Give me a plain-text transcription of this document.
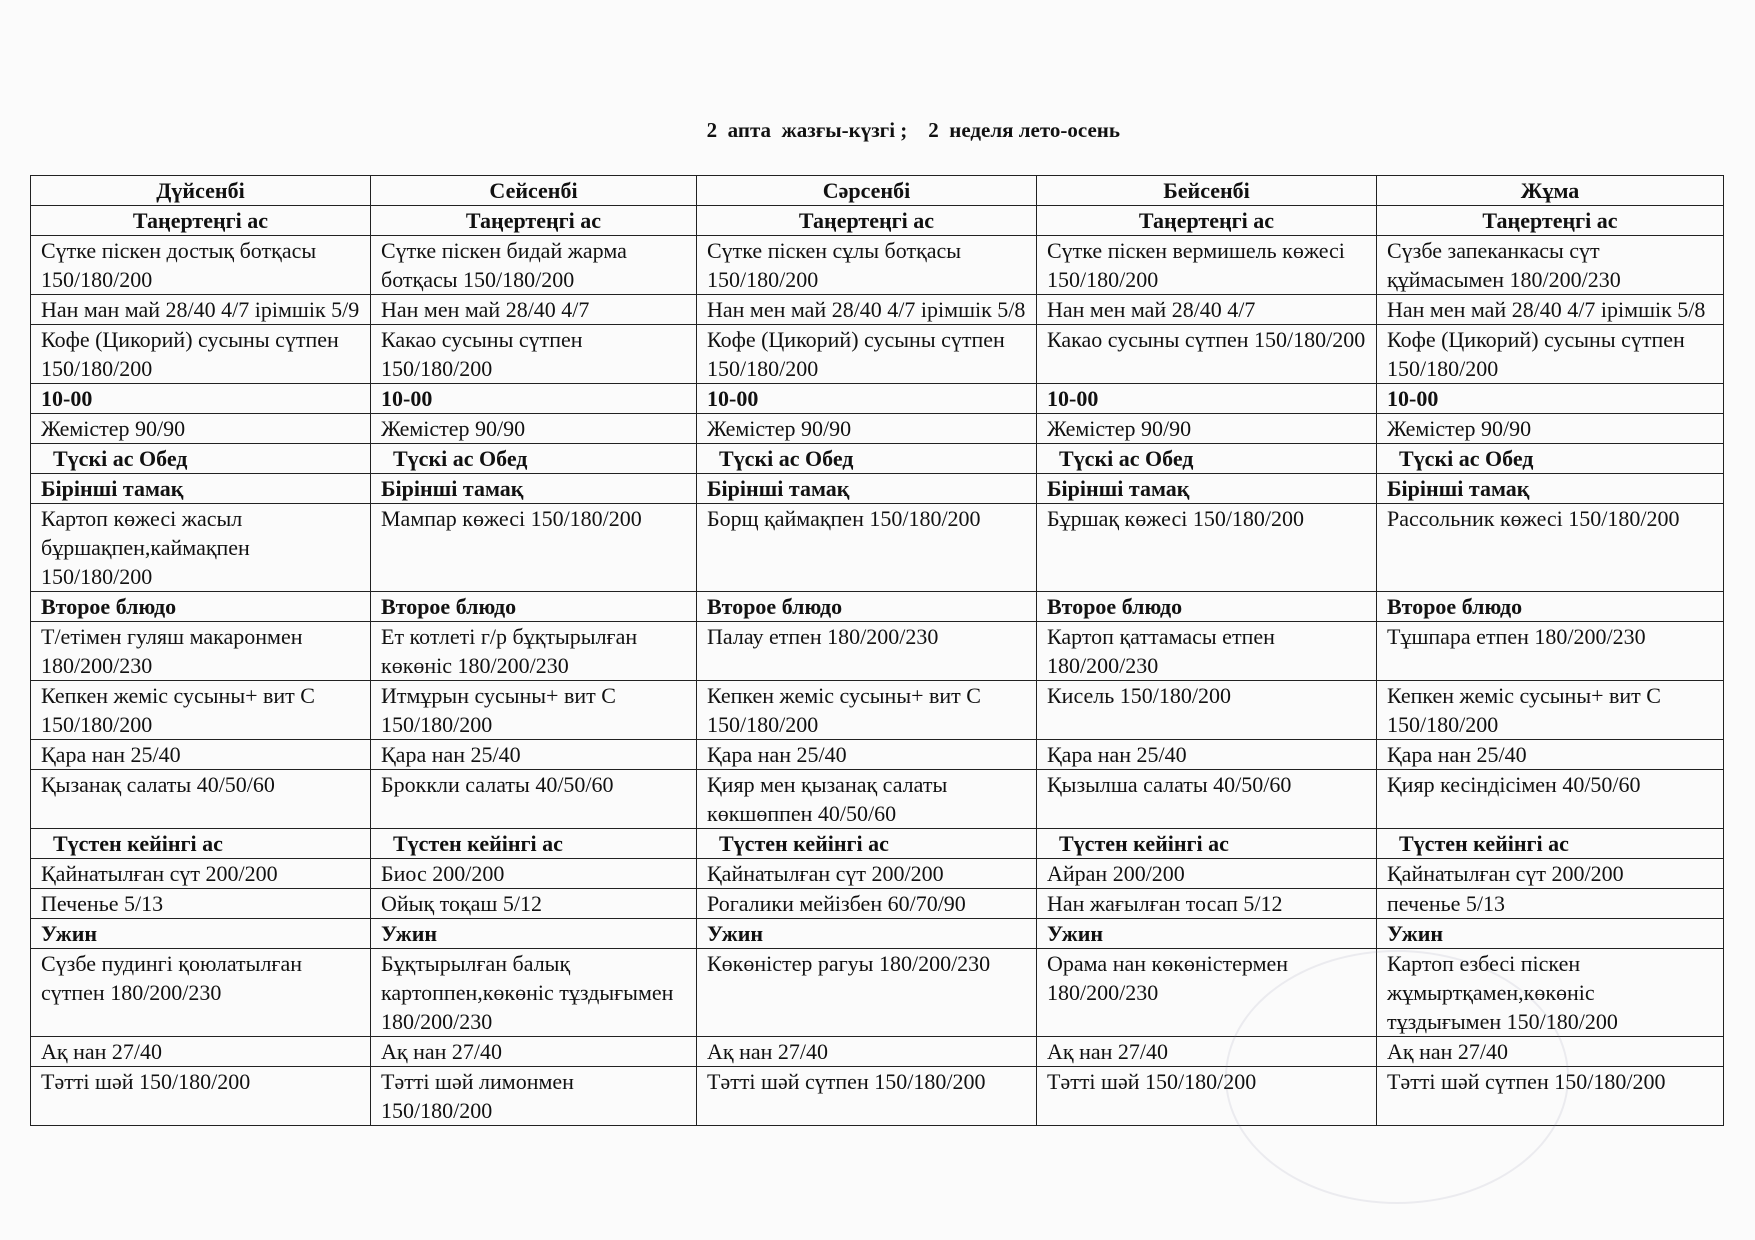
2  апта  жазғы-күзгі ;    2  неделя лето-осень
Дүйсенбі	Сейсенбі	Сәрсенбі	Бейсенбі	Жұма
Таңертеңгі ас	Таңертеңгі ас	Таңертеңгі ас	Таңертеңгі ас	Таңертеңгі ас
Сүтке піскен достық ботқасы 150/180/200	Сүтке піскен бидай жарма ботқасы 150/180/200	Сүтке піскен сұлы ботқасы 150/180/200	Сүтке піскен вермишель көжесі 150/180/200	Сүзбе запеканкасы сүт құймасымен 180/200/230
Нан ман май 28/40 4/7 ірімшік 5/9	Нан мен май 28/40 4/7	Нан мен май 28/40 4/7 ірімшік 5/8	Нан мен май 28/40 4/7	Нан мен май 28/40 4/7 ірімшік 5/8
Кофе (Цикорий) сусыны сүтпен 150/180/200	Какао сусыны сүтпен 150/180/200	Кофе (Цикорий) сусыны сүтпен 150/180/200	Какао сусыны сүтпен 150/180/200	Кофе (Цикорий) сусыны сүтпен 150/180/200
10-00	10-00	10-00	10-00	10-00
Жемістер 90/90	Жемістер 90/90	Жемістер 90/90	Жемістер 90/90	Жемістер 90/90
Түскі ас Обед	Түскі ас Обед	Түскі ас Обед	Түскі ас Обед	Түскі ас Обед
Бірінші тамақ	Бірінші тамақ	Бірінші тамақ	Бірінші тамақ	Бірінші тамақ
Картоп көжесі жасыл бұршақпен,каймақпен 150/180/200	Мампар көжесі 150/180/200	Борщ қаймақпен 150/180/200	Бұршақ көжесі 150/180/200	Рассольник көжесі 150/180/200
Второе блюдо	Второе блюдо	Второе блюдо	Второе блюдо	Второе блюдо
Т/етімен гуляш макаронмен 180/200/230	Ет котлеті г/р бұқтырылған көкөніс 180/200/230	Палау етпен 180/200/230	Картоп қаттамасы етпен 180/200/230	Тұшпара етпен 180/200/230
Кепкен жеміс сусыны+ вит С 150/180/200	Итмұрын сусыны+ вит С 150/180/200	Кепкен жеміс сусыны+ вит С 150/180/200	Кисель 150/180/200	Кепкен жеміс сусыны+ вит С 150/180/200
Қара нан 25/40	Қара нан 25/40	Қара нан 25/40	Қара нан 25/40	Қара нан 25/40
Қызанақ салаты 40/50/60	Броккли салаты 40/50/60	Қияр мен қызанақ салаты көкшөппен 40/50/60	Қызылша салаты 40/50/60	Қияр кесіндісімен 40/50/60
Түстен кейінгі ас	Түстен кейінгі ас	Түстен кейінгі ас	Түстен кейінгі ас	Түстен кейінгі ас
Қайнатылған сүт 200/200	Биос 200/200	Қайнатылған сүт 200/200	Айран 200/200	Қайнатылған сүт 200/200
Печенье 5/13	Ойық тоқаш 5/12	Рогалики мейізбен 60/70/90	Нан жағылған тосап 5/12	печенье 5/13
Ужин	Ужин	Ужин	Ужин	Ужин
Сүзбе пудингі қоюлатылған сүтпен 180/200/230	Бұқтырылған балық картоппен,көкөніс тұздығымен 180/200/230	Көкөністер рагуы 180/200/230	Орама нан көкөністермен 180/200/230	Картоп езбесі піскен жұмыртқамен,көкөніс тұздығымен 150/180/200
Ақ нан 27/40	Ақ нан 27/40	Ақ нан 27/40	Ақ нан 27/40	Ақ нан 27/40
Тәтті шәй 150/180/200	Тәтті шәй лимонмен 150/180/200	Тәтті шәй сүтпен 150/180/200	Тәтті шәй 150/180/200	Тәтті шәй сүтпен 150/180/200
